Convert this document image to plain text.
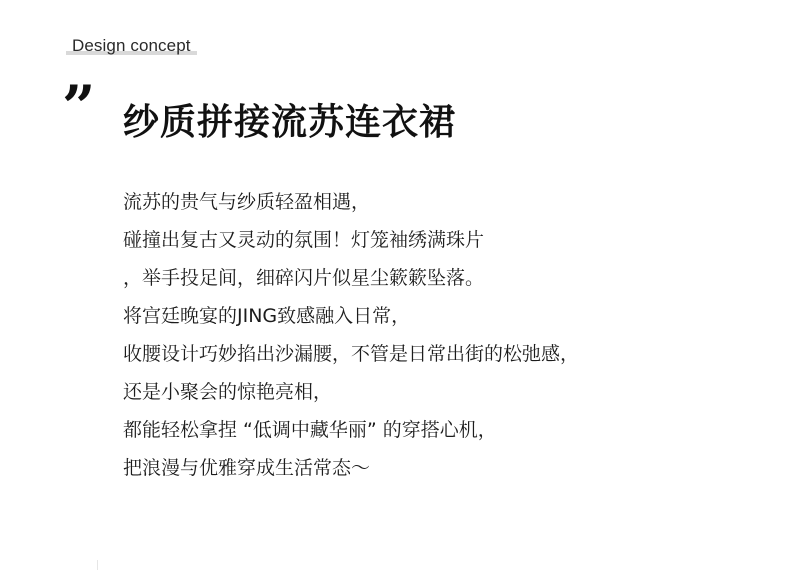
Design concept
” 纱质拼接流苏连衣裙
流苏的贵气与纱质轻盈相遇，
碰撞出复古又灵动的氛围！灯笼袖绣满珠片
，举手投足间，细碎闪片似星尘簌簌坠落。
将宫廷晚宴的JING致感融入日常，
收腰设计巧妙掐出沙漏腰，不管是日常出街的松弛感，
还是小聚会的惊艳亮相，
都能轻松拿捏 “低调中藏华丽” 的穿搭心机，
把浪漫与优雅穿成生活常态～
